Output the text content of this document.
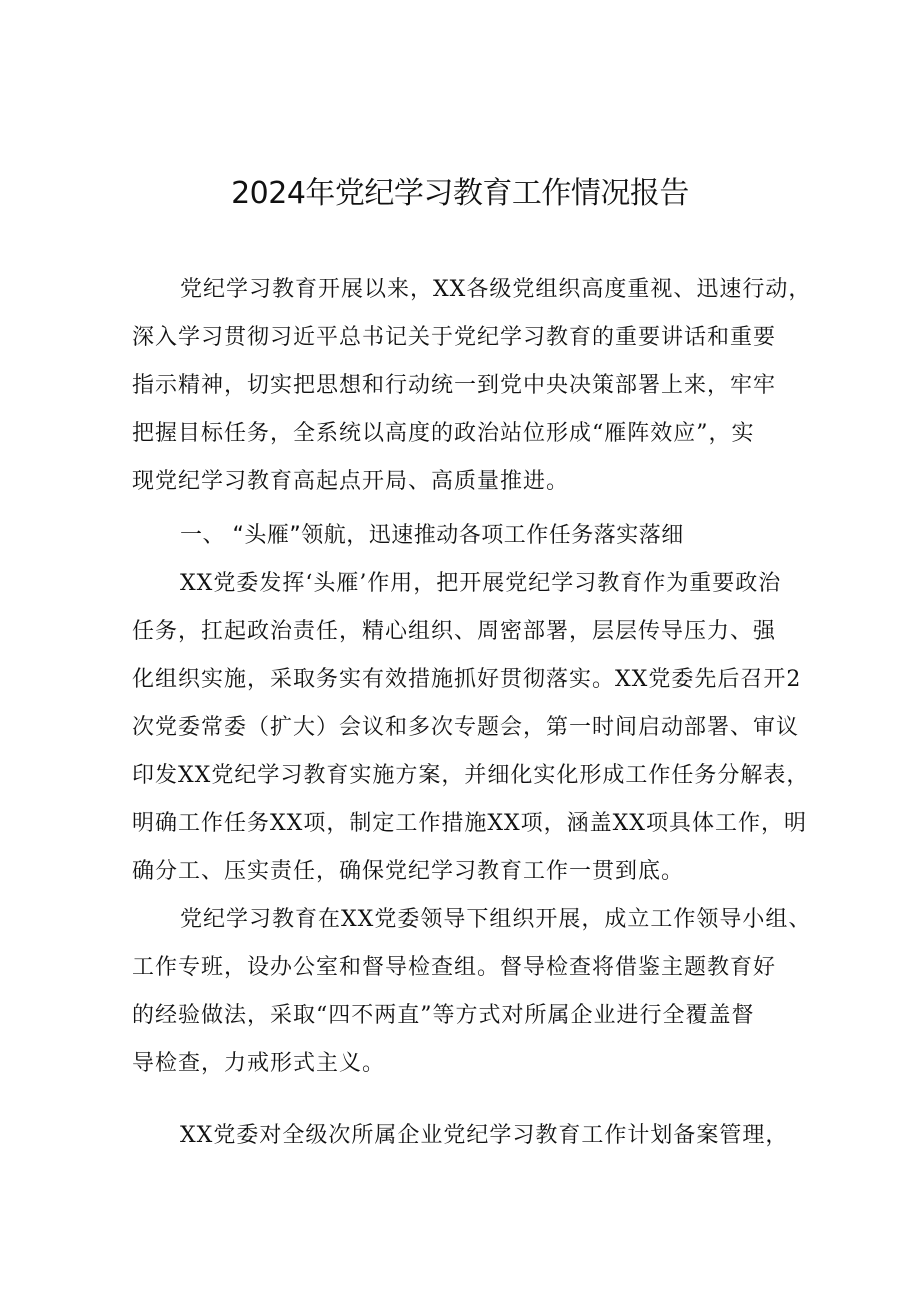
2024年党纪学习教育工作情况报告

党纪学习教育开展以来，XX各级党组织高度重视、迅速行动，
深入学习贯彻习近平总书记关于党纪学习教育的重要讲话和重要
指示精神，切实把思想和行动统一到党中央决策部署上来，牢牢
把握目标任务，全系统以高度的政治站位形成“雁阵效应”，实
现党纪学习教育高起点开局、高质量推进。

一、 “头雁”领航，迅速推动各项工作任务落实落细

XX党委发挥‘头雁’作用，把开展党纪学习教育作为重要政治
任务，扛起政治责任，精心组织、周密部署，层层传导压力、强
化组织实施，采取务实有效措施抓好贯彻落实。XX党委先后召开2
次党委常委（扩大）会议和多次专题会，第一时间启动部署、审议
印发XX党纪学习教育实施方案，并细化实化形成工作任务分解表，
明确工作任务XX项，制定工作措施XX项，涵盖XX项具体工作，明
确分工、压实责任，确保党纪学习教育工作一贯到底。

党纪学习教育在XX党委领导下组织开展，成立工作领导小组、
工作专班，设办公室和督导检查组。督导检查将借鉴主题教育好
的经验做法，采取“四不两直”等方式对所属企业进行全覆盖督
导检查，力戒形式主义。

XX党委对全级次所属企业党纪学习教育工作计划备案管理，
